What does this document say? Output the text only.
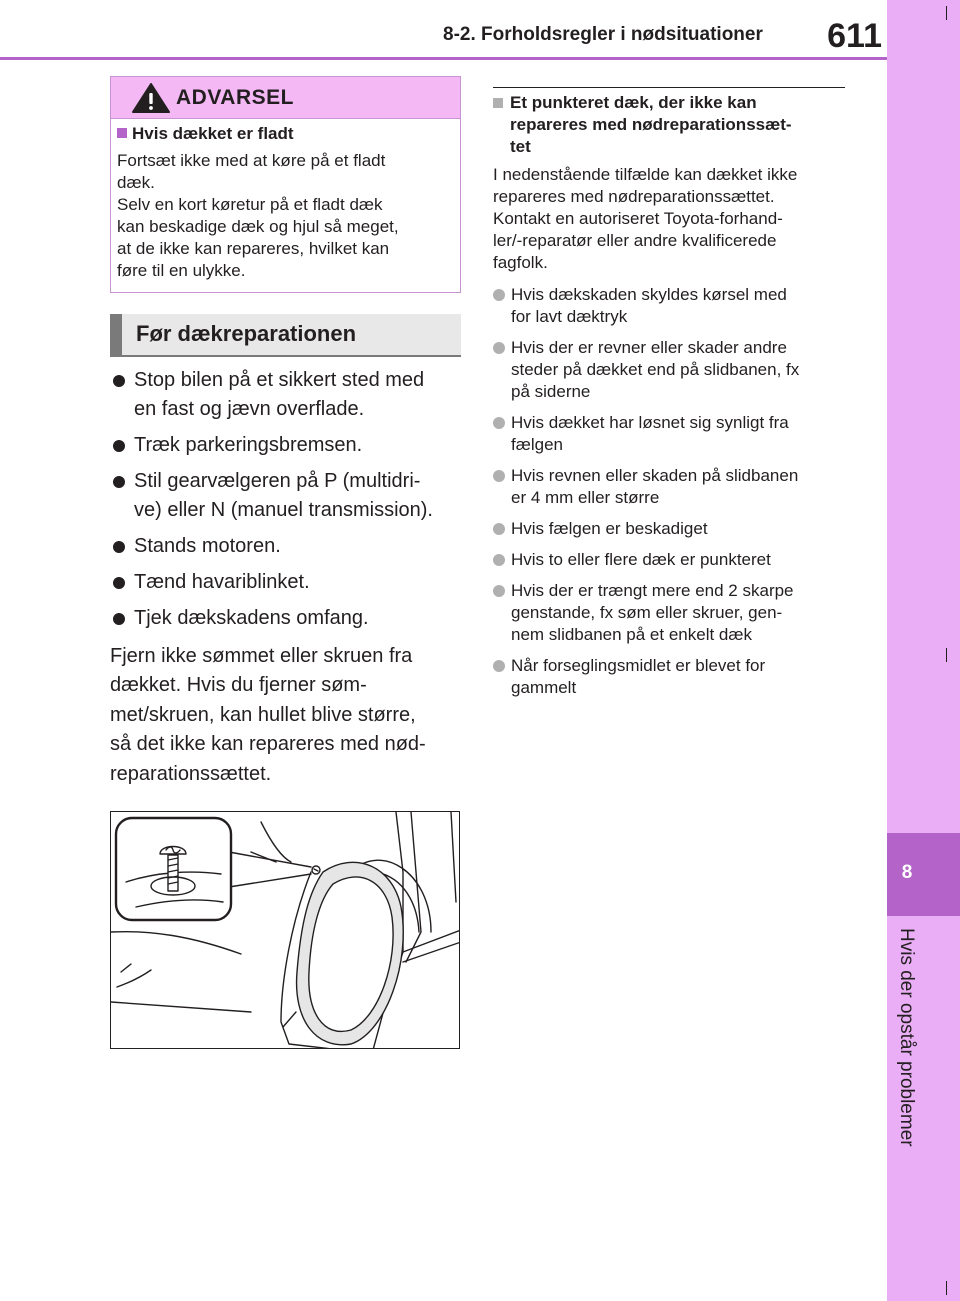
8
Hvis der opstår problemer
8-2. Forholdsregler i nødsituationer	611
ADVARSEL
Hvis dækket er fladt
Fortsæt ikke med at køre på et fladt
dæk.
Selv en kort køretur på et fladt dæk
kan beskadige dæk og hjul så meget,
at de ikke kan repareres, hvilket kan
føre til en ulykke.
Før dækreparationen
Stop bilen på et sikkert sted med
en fast og jævn overflade.
Træk parkeringsbremsen.
Stil gearvælgeren på P (multidri-
ve) eller N (manuel transmission).
Stands motoren.
Tænd havariblinket.
Tjek dækskadens omfang.
Fjern ikke sømmet eller skruen fra
dækket. Hvis du fjerner søm-
met/skruen, kan hullet blive større,
så det ikke kan repareres med nød-
reparationssættet.
Et punkteret dæk, der ikke kan
repareres med nødreparationssæt-
tet
I nedenstående tilfælde kan dækket ikke
repareres med nødreparationssættet.
Kontakt en autoriseret Toyota-forhand-
ler/-reparatør eller andre kvalificerede
fagfolk.
Hvis dækskaden skyldes kørsel med
for lavt dæktryk
Hvis der er revner eller skader andre
steder på dækket end på slidbanen, fx
på siderne
Hvis dækket har løsnet sig synligt fra
fælgen
Hvis revnen eller skaden på slidbanen
er 4 mm eller større
Hvis fælgen er beskadiget
Hvis to eller flere dæk er punkteret
Hvis der er trængt mere end 2 skarpe
genstande, fx søm eller skruer, gen-
nem slidbanen på et enkelt dæk
Når forseglingsmidlet er blevet for
gammelt
